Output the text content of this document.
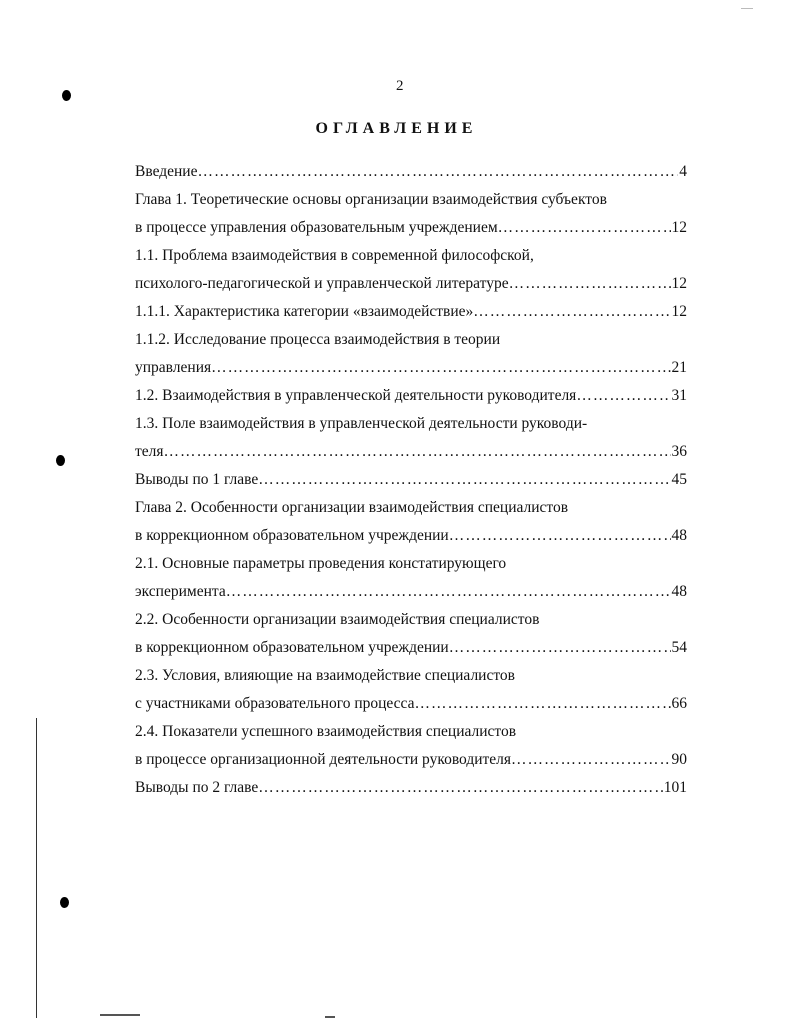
2
ОГЛАВЛЕНИЕ
Введение …………………………………………………………………………………………………………………………………………	4
Глава 1. Теоретические основы организации взаимодействия субъектов
в процессе управления образовательным учреждением …………………………………………………………………………………………………………………………………………	12
1.1. Проблема взаимодействия в современной философской,
психолого-педагогической и управленческой литературе …………………………………………………………………………………………………………………………………………	12
1.1.1. Характеристика категории «взаимодействие» …………………………………………………………………………………………………………………………………………	12
1.1.2. Исследование процесса взаимодействия в теории
управления …………………………………………………………………………………………………………………………………………	21
1.2. Взаимодействия в управленческой деятельности руководителя …………………………………………………………………………………………………………………………………………	31
1.3. Поле взаимодействия в управленческой деятельности руководи-
теля …………………………………………………………………………………………………………………………………………	36
Выводы по 1 главе …………………………………………………………………………………………………………………………………………	45
Глава 2. Особенности организации взаимодействия специалистов
в коррекционном образовательном учреждении …………………………………………………………………………………………………………………………………………	48
2.1. Основные параметры проведения констатирующего
эксперимента …………………………………………………………………………………………………………………………………………	48
2.2. Особенности организации взаимодействия специалистов
в коррекционном образовательном учреждении …………………………………………………………………………………………………………………………………………	54
2.3. Условия, влияющие на взаимодействие специалистов
с участниками образовательного процесса …………………………………………………………………………………………………………………………………………	66
2.4. Показатели успешного взаимодействия специалистов
в процессе организационной деятельности руководителя …………………………………………………………………………………………………………………………………………	90
Выводы по 2 главе …………………………………………………………………………………………………………………………………………	101
